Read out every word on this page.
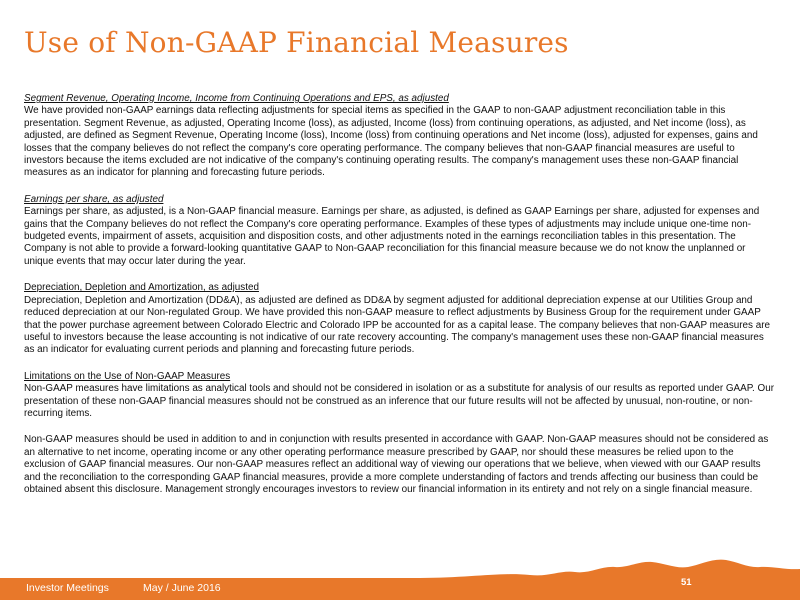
Use of Non-GAAP Financial Measures

Segment Revenue, Operating Income, Income from Continuing Operations and EPS, as adjusted

We have provided non-GAAP earnings data reflecting adjustments for special items as specified in the GAAP to non-GAAP adjustment reconciliation table in this presentation. Segment Revenue, as adjusted, Operating Income (loss), as adjusted, Income (loss) from continuing operations, as adjusted, and Net income (loss), as adjusted, are defined as Segment Revenue, Operating Income (loss), Income (loss) from continuing operations and Net income (loss), adjusted for expenses, gains and losses that the company believes do not reflect the company's core operating performance. The company believes that non-GAAP financial measures are useful to investors because the items excluded are not indicative of the company's continuing operating results. The company's management uses these non-GAAP financial measures as an indicator for planning and forecasting future periods.

Earnings per share, as adjusted

Earnings per share, as adjusted, is a Non-GAAP financial measure. Earnings per share, as adjusted, is defined as GAAP Earnings per share, adjusted for expenses and gains that the Company believes do not reflect the Company's core operating performance. Examples of these types of adjustments may include unique one-time non-budgeted events, impairment of assets, acquisition and disposition costs, and other adjustments noted in the earnings reconciliation tables in this presentation. The Company is not able to provide a forward-looking quantitative GAAP to Non-GAAP reconciliation for this financial measure because we do not know the unplanned or unique events that may occur later during the year.

Depreciation, Depletion and Amortization, as adjusted

Depreciation, Depletion and Amortization (DD&A), as adjusted are defined as DD&A by segment adjusted for additional depreciation expense at our Utilities Group and reduced depreciation at our Non-regulated Group. We have provided this non-GAAP measure to reflect adjustments by Business Group for the requirement under GAAP that the power purchase agreement between Colorado Electric and Colorado IPP be accounted for as a capital lease. The company believes that non-GAAP measures are useful to investors because the lease accounting is not indicative of our rate recovery accounting. The company's management uses these non-GAAP financial measures as an indicator for evaluating current periods and planning and forecasting future periods.

Limitations on the Use of Non-GAAP Measures

Non-GAAP measures have limitations as analytical tools and should not be considered in isolation or as a substitute for analysis of our results as reported under GAAP. Our presentation of these non-GAAP financial measures should not be construed as an inference that our future results will not be affected by unusual, non-routine, or non-recurring items.

Non-GAAP measures should be used in addition to and in conjunction with results presented in accordance with GAAP. Non-GAAP measures should not be considered as an alternative to net income, operating income or any other operating performance measure prescribed by GAAP, nor should these measures be relied upon to the exclusion of GAAP financial measures. Our non-GAAP measures reflect an additional way of viewing our operations that we believe, when viewed with our GAAP results and the reconciliation to the corresponding GAAP financial measures, provide a more complete understanding of factors and trends affecting our business than could be obtained absent this disclosure. Management strongly encourages investors to review our financial information in its entirety and not rely on a single financial measure.

Investor Meetings	May / June 2016	51
